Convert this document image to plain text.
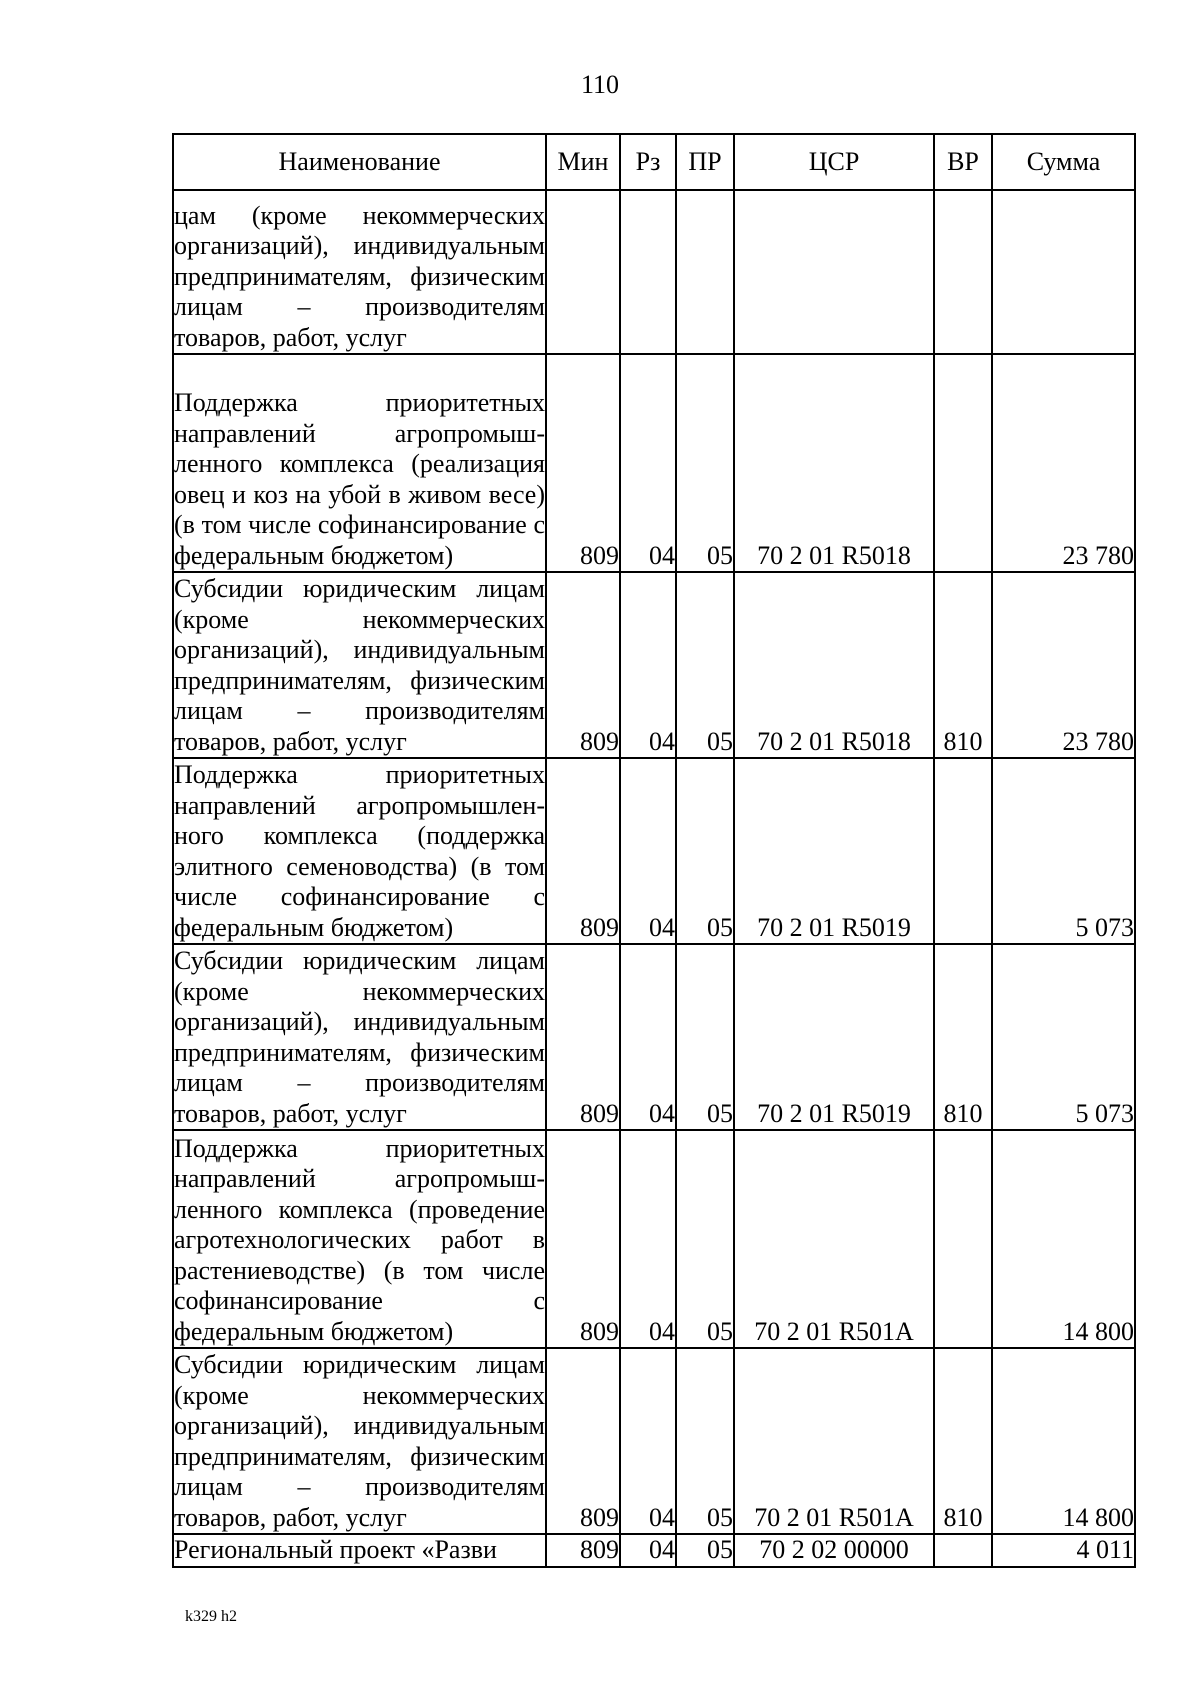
110
Наименование	Мин	Рз	ПР	ЦСР	ВР	Сумма
цам (кроме некоммерческих организаций), индивидуальным предпринимателям, физическим лицам – производителям товаров, работ, услуг						
Поддержка приоритетных направлений агропромышленного комплекса (реализация овец и коз на убой в живом весе) (в том числе софинансирование с федеральным бюджетом)	809	04	05	70 2 01 R5018		23 780
Субсидии юридическим лицам (кроме некоммерческих организаций), индивидуальным предпринимателям, физическим лицам – производителям товаров, работ, услуг	809	04	05	70 2 01 R5018	810	23 780
Поддержка приоритетных направлений агропромышленного комплекса (поддержка элитного семеноводства) (в том числе софинансирование с федеральным бюджетом)	809	04	05	70 2 01 R5019		5 073
Субсидии юридическим лицам (кроме некоммерческих организаций), индивидуальным предпринимателям, физическим лицам – производителям товаров, работ, услуг	809	04	05	70 2 01 R5019	810	5 073
Поддержка приоритетных направлений агропромышленного комплекса (проведение агротехнологических работ в растениеводстве) (в том числе софинансирование с федеральным бюджетом)	809	04	05	70 2 01 R501A		14 800
Субсидии юридическим лицам (кроме некоммерческих организаций), индивидуальным предпринимателям, физическим лицам – производителям товаров, работ, услуг	809	04	05	70 2 01 R501A	810	14 800
Региональный проект «Разви	809	04	05	70 2 02 00000		4 011
k329 h2
